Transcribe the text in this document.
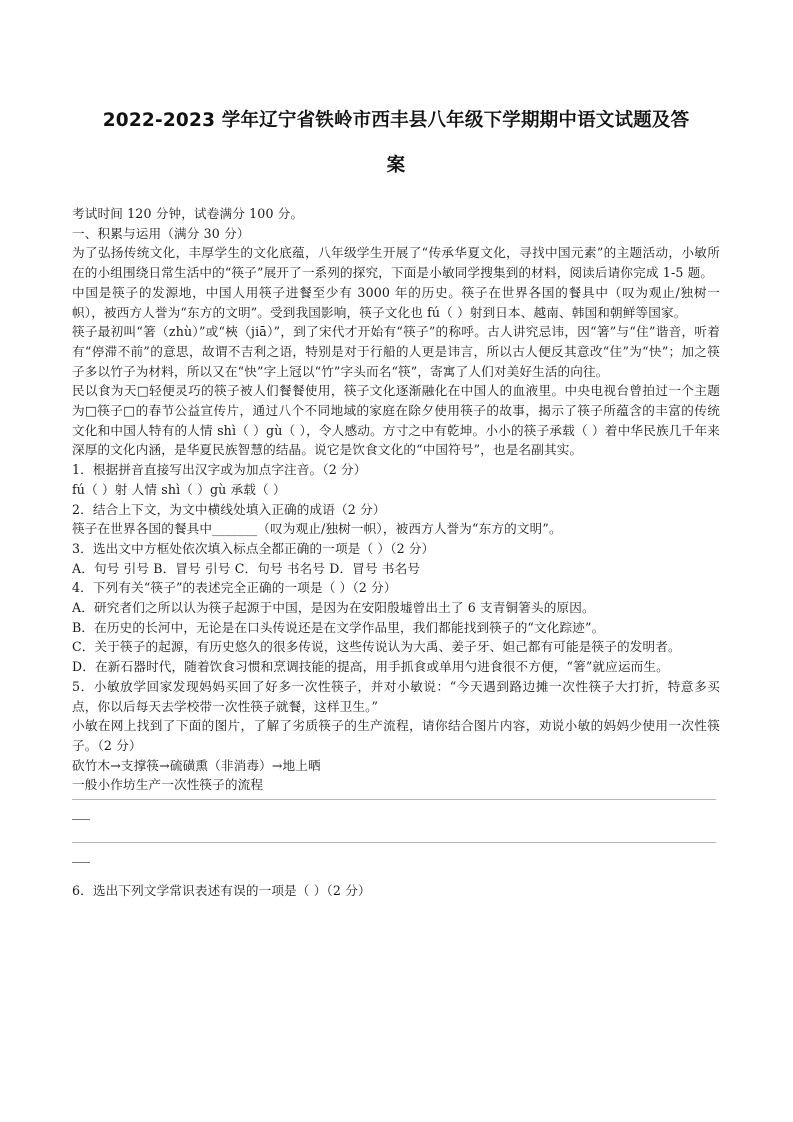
2022-2023 学年辽宁省铁岭市西丰县八年级下学期期中语文试题及答
案

考试时间 120 分钟，试卷满分 100 分。

一、积累与运用（满分 30 分）

为了弘扬传统文化，丰厚学生的文化底蕴，八年级学生开展了“传承华夏文化，寻找中国元素”的主题活动，小敏所在的小组围绕日常生活中的“筷子”展开了一系列的探究，下面是小敏同学搜集到的材料，阅读后请你完成 1-5 题。

中国是筷子的发源地，中国人用筷子进餐至少有 3000 年的历史。筷子在世界各国的餐具中（叹为观止/独树一帜），被西方人誉为“东方的文明”。受到我国影响，筷子文化也 fú（ ）射到日本、越南、韩国和朝鲜等国家。

筷子最初叫“箸（zhù）”或“梜（jiā）”，到了宋代才开始有“筷子”的称呼。古人讲究忌讳，因“箸”与“住”谐音，听着有“停滞不前”的意思，故谓不吉利之语，特别是对于行船的人更是讳言，所以古人便反其意改“住”为“快”；加之筷子多以竹子为材料，所以又在“快”字上冠以“竹”字头而名“筷”，寄寓了人们对美好生活的向往。

民以食为天□轻便灵巧的筷子被人们餐餐使用，筷子文化逐渐融化在中国人的血液里。中央电视台曾拍过一个主题为□筷子□的春节公益宣传片，通过八个不同地域的家庭在除夕使用筷子的故事，揭示了筷子所蕴含的丰富的传统文化和中国人特有的人情 shì（ ）gù（ ），令人感动。方寸之中有乾坤。小小的筷子承载（ ）着中华民族几千年来深厚的文化内涵，是华夏民族智慧的结晶。说它是饮食文化的“中国符号”，也是名副其实。

1．根据拼音直接写出汉字或为加点字注音。（2 分）

fú（ ）射 人情 shì（ ）gù 承载（ ）

2．结合上下文，为文中横线处填入正确的成语（2 分）

筷子在世界各国的餐具中_______（叹为观止/独树一帜），被西方人誉为“东方的文明”。

3．选出文中方框处依次填入标点全都正确的一项是（ ）（2 分）

A．句号 引号 B．冒号 引号 C．句号 书名号 D．冒号 书名号

4．下列有关“筷子”的表述完全正确的一项是（ ）（2 分）

A．研究者们之所以认为筷子起源于中国，是因为在安阳殷墟曾出土了 6 支青铜箸头的原因。

B．在历史的长河中，无论是在口头传说还是在文学作品里，我们都能找到筷子的“文化踪迹”。

C．关于筷子的起源，有历史悠久的很多传说，这些传说认为大禹、姜子牙、妲己都有可能是筷子的发明者。

D．在新石器时代，随着饮食习惯和烹调技能的提高，用手抓食或单用勺进食很不方便，“箸”就应运而生。

5．小敏放学回家发现妈妈买回了好多一次性筷子，并对小敏说：“今天遇到路边摊一次性筷子大打折，特意多买点，你以后每天去学校带一次性筷子就餐，这样卫生。”

小敏在网上找到了下面的图片，了解了劣质筷子的生产流程，请你结合图片内容，劝说小敏的妈妈少使用一次性筷子。（2 分）

砍竹木→支撑筷→硫磺熏（非消毒）→地上晒

一般小作坊生产一次性筷子的流程

6．选出下列文学常识表述有误的一项是（ ）（2 分）
